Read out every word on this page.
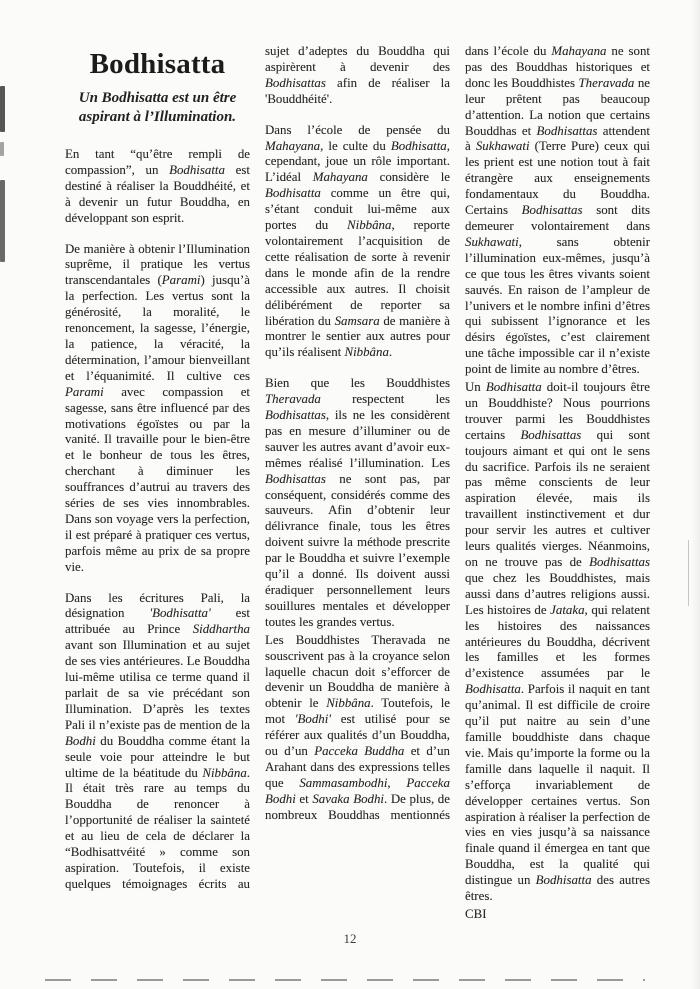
Bodhisatta
Un Bodhisatta est un être aspirant à l’Illumination.

En tant “qu’être rempli de compassion”, un Bodhisatta est destiné à réaliser la Bouddhéité, et à devenir un futur Bouddha, en développant son esprit.

De manière à obtenir l’Illumination suprême, il pratique les vertus transcendantales (Parami) jusqu’à la perfection. Les vertus sont la générosité, la moralité, le renoncement, la sagesse, l’énergie, la patience, la véracité, la détermination, l’amour bienveillant et l’équanimité. Il cultive ces Parami avec compassion et sagesse, sans être influencé par des motivations égoïstes ou par la vanité. Il travaille pour le bien-être et le bonheur de tous les êtres, cherchant à diminuer les souffrances d’autrui au travers des séries de ses vies innombrables. Dans son voyage vers la perfection, il est préparé à pratiquer ces vertus, parfois même au prix de sa propre vie.

Dans les écritures Pali, la désignation 'Bodhisatta' est attribuée au Prince Siddhartha avant son Illumination et au sujet de ses vies antérieures. Le Bouddha lui-même utilisa ce terme quand il parlait de sa vie précédant son Illumination. D’après les textes Pali il n’existe pas de mention de la Bodhi du Bouddha comme étant la seule voie pour atteindre le but ultime de la béatitude du Nibbâna. Il était très rare au temps du Bouddha de renoncer à l’opportunité de réaliser la sainteté et au lieu de cela de déclarer la “Bodhisattvéité » comme son aspiration. Toutefois, il existe quelques témoignages écrits au

sujet d’adeptes du Bouddha qui aspirèrent à devenir des Bodhisattas afin de réaliser la 'Bouddhéité'.

Dans l’école de pensée du Mahayana, le culte du Bodhisatta, cependant, joue un rôle important. L’idéal Mahayana considère le Bodhisatta comme un être qui, s’étant conduit lui-même aux portes du Nibbâna, reporte volontairement l’acquisition de cette réalisation de sorte à revenir dans le monde afin de la rendre accessible aux autres. Il choisit délibérément de reporter sa libération du Samsara de manière à montrer le sentier aux autres pour qu’ils réalisent Nibbâna.

Bien que les Bouddhistes Theravada respectent les Bodhisattas, ils ne les considèrent pas en mesure d’illuminer ou de sauver les autres avant d’avoir eux-mêmes réalisé l’illumination. Les Bodhisattas ne sont pas, par conséquent, considérés comme des sauveurs. Afin d’obtenir leur délivrance finale, tous les êtres doivent suivre la méthode prescrite par le Bouddha et suivre l’exemple qu’il a donné. Ils doivent aussi éradiquer personnellement leurs souillures mentales et développer toutes les grandes vertus.

Les Bouddhistes Theravada ne souscrivent pas à la croyance selon laquelle chacun doit s’efforcer de devenir un Bouddha de manière à obtenir le Nibbâna. Toutefois, le mot 'Bodhi' est utilisé pour se référer aux qualités d’un Bouddha, ou d’un Pacceka Buddha et d’un Arahant dans des expressions telles que Sammasambodhi, Pacceka Bodhi et Savaka Bodhi. De plus, de nombreux Bouddhas mentionnés

dans l’école du Mahayana ne sont pas des Bouddhas historiques et donc les Bouddhistes Theravada ne leur prêtent pas beaucoup d’attention. La notion que certains Bouddhas et Bodhisattas attendent à Sukhawati (Terre Pure) ceux qui les prient est une notion tout à fait étrangère aux enseignements fondamentaux du Bouddha. Certains Bodhisattas sont dits demeurer volontairement dans Sukhawati, sans obtenir l’illumination eux-mêmes, jusqu’à ce que tous les êtres vivants soient sauvés. En raison de l’ampleur de l’univers et le nombre infini d’êtres qui subissent l’ignorance et les désirs égoïstes, c’est clairement une tâche impossible car il n’existe point de limite au nombre d’êtres.

Un Bodhisatta doit-il toujours être un Bouddhiste? Nous pourrions trouver parmi les Bouddhistes certains Bodhisattas qui sont toujours aimant et qui ont le sens du sacrifice. Parfois ils ne seraient pas même conscients de leur aspiration élevée, mais ils travaillent instinctivement et dur pour servir les autres et cultiver leurs qualités vierges. Néanmoins, on ne trouve pas de Bodhisattas que chez les Bouddhistes, mais aussi dans d’autres religions aussi. Les histoires de Jataka, qui relatent les histoires des naissances antérieures du Bouddha, décrivent les familles et les formes d’existence assumées par le Bodhisatta. Parfois il naquit en tant qu’animal. Il est difficile de croire qu’il put naitre au sein d’une famille bouddhiste dans chaque vie. Mais qu’importe la forme ou la famille dans laquelle il naquit. Il s’efforça invariablement de développer certaines vertus. Son aspiration à réaliser la perfection de vies en vies jusqu’à sa naissance finale quand il émergea en tant que Bouddha, est la qualité qui distingue un Bodhisatta des autres êtres.

CBI

12
